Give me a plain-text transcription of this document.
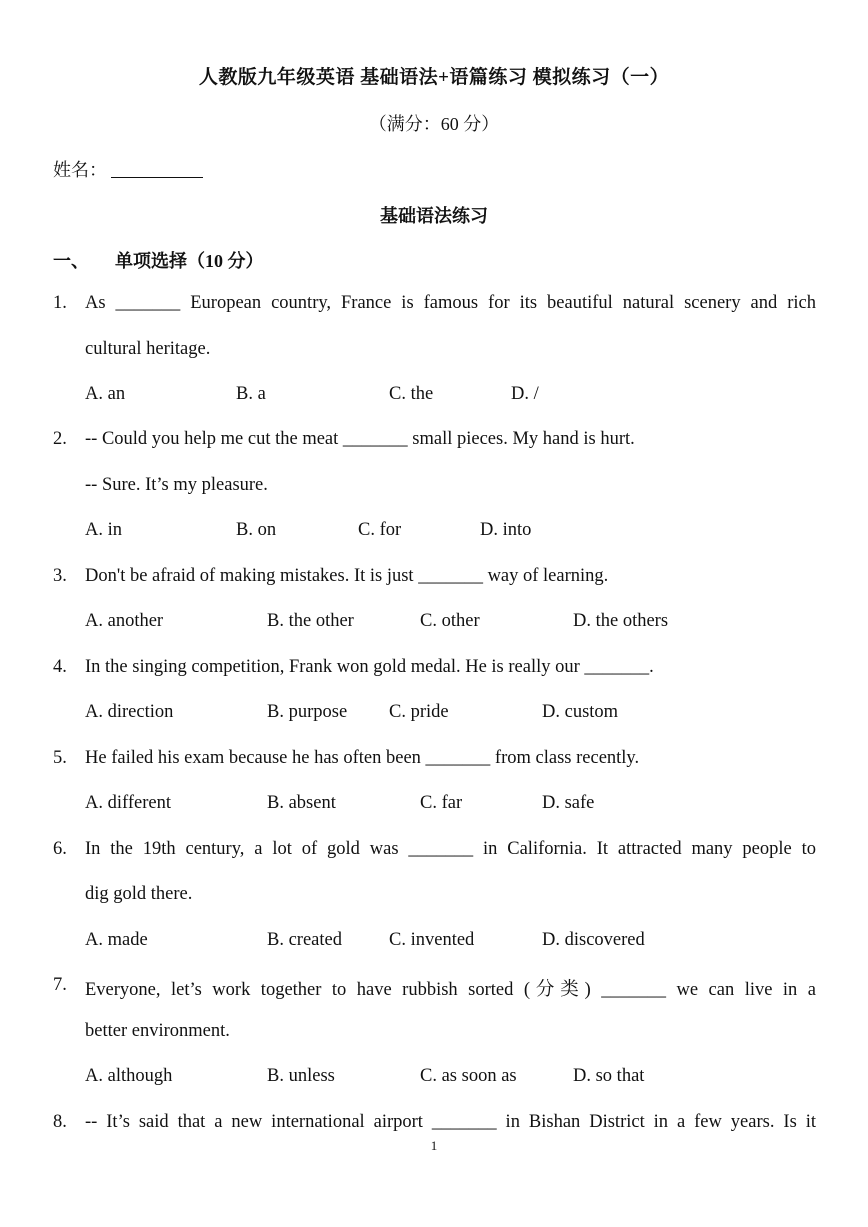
人教版九年级英语 基础语法+语篇练习 模拟练习（一）
（满分：60 分）
姓名：
基础语法练习
一、 单项选择（10 分）
1. As _______ European country, France is famous for its beautiful natural scenery and rich
cultural heritage.
A. an	B. a	C. the	D. /
2. -- Could you help me cut the meat _______ small pieces. My hand is hurt.
-- Sure. It’s my pleasure.
A. in	B. on	C. for	D. into
3. Don't be afraid of making mistakes. It is just _______ way of learning.
A. another	B. the other	C. other	D. the others
4. In the singing competition, Frank won gold medal. He is really our _______.
A. direction	B. purpose C. pride	D. custom
5. He failed his exam because he has often been _______ from class recently.
A. different	B. absent	C. far	D. safe
6. In the 19th century, a lot of gold was _______ in California. It attracted many people to
dig gold there.
A. made	B. created	C. invented	D. discovered
7. Everyone, let’s work together to have rubbish sorted (分类) _______ we can live in a
better environment.
A. although	B. unless	C. as soon as	D. so that
8. -- It’s said that a new international airport _______ in Bishan District in a few years. Is it
1
